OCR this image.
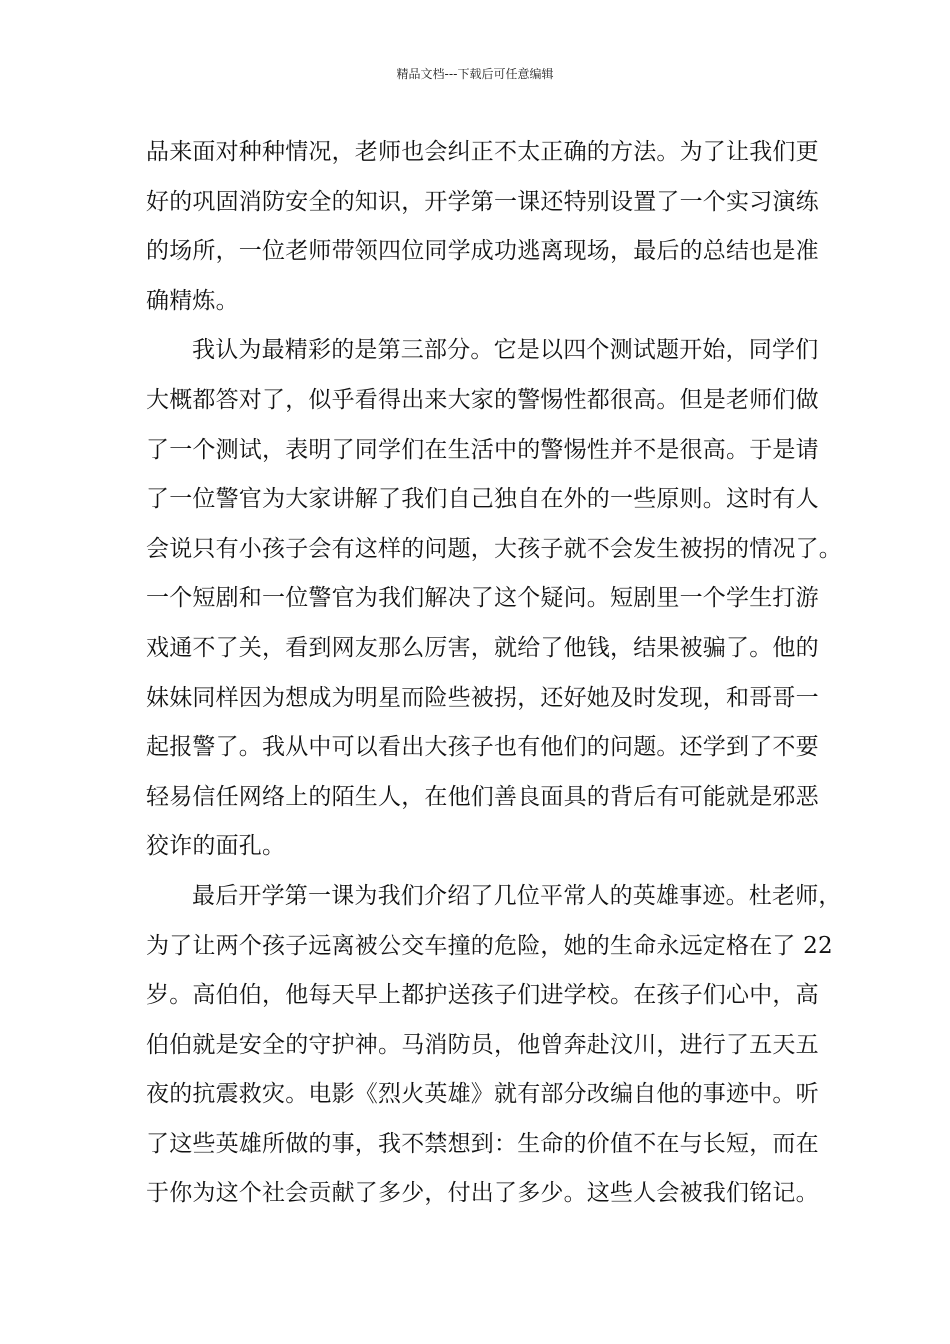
精品文档---下载后可任意编辑
品来面对种种情况，老师也会纠正不太正确的方法。为了让我们更
好的巩固消防安全的知识，开学第一课还特别设置了一个实习演练
的场所，一位老师带领四位同学成功逃离现场，最后的总结也是准
确精炼。
我认为最精彩的是第三部分。它是以四个测试题开始，同学们
大概都答对了，似乎看得出来大家的警惕性都很高。但是老师们做
了一个测试，表明了同学们在生活中的警惕性并不是很高。于是请
了一位警官为大家讲解了我们自己独自在外的一些原则。这时有人
会说只有小孩子会有这样的问题，大孩子就不会发生被拐的情况了。
一个短剧和一位警官为我们解决了这个疑问。短剧里一个学生打游
戏通不了关，看到网友那么厉害，就给了他钱，结果被骗了。他的
妹妹同样因为想成为明星而险些被拐，还好她及时发现，和哥哥一
起报警了。我从中可以看出大孩子也有他们的问题。还学到了不要
轻易信任网络上的陌生人，在他们善良面具的背后有可能就是邪恶
狡诈的面孔。
最后开学第一课为我们介绍了几位平常人的英雄事迹。杜老师，
为了让两个孩子远离被公交车撞的危险，她的生命永远定格在了 22
岁。高伯伯，他每天早上都护送孩子们进学校。在孩子们心中，高
伯伯就是安全的守护神。马消防员，他曾奔赴汶川，进行了五天五
夜的抗震救灾。电影《烈火英雄》就有部分改编自他的事迹中。听
了这些英雄所做的事，我不禁想到：生命的价值不在与长短，而在
于你为这个社会贡献了多少，付出了多少。这些人会被我们铭记。
